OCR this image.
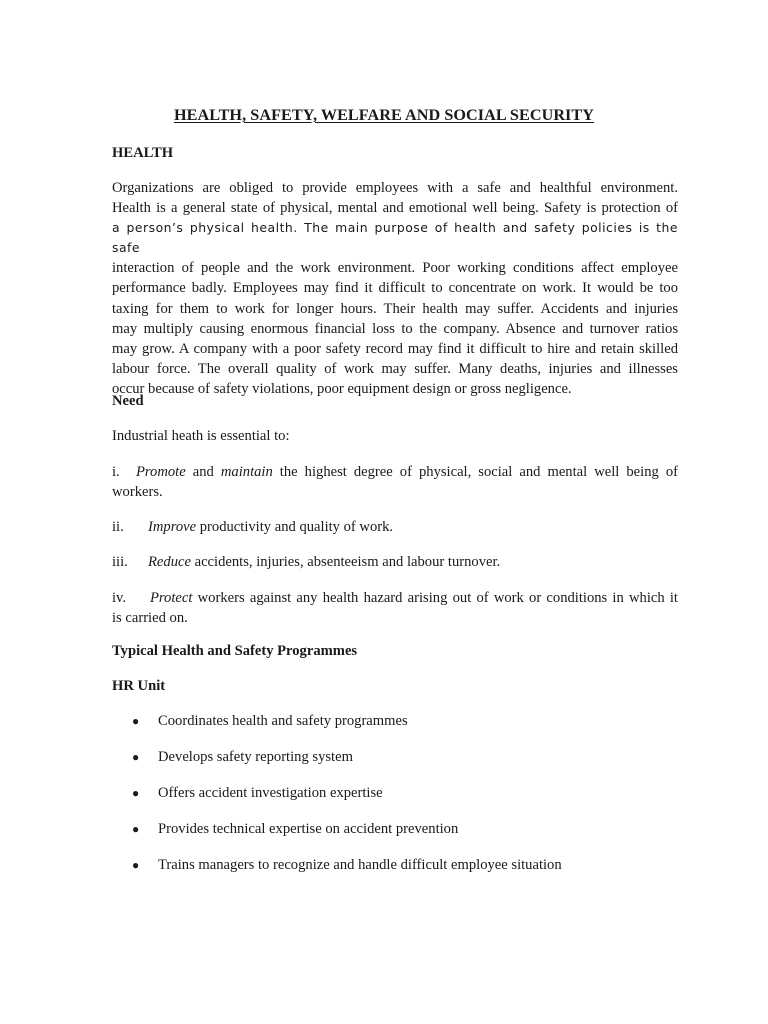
HEALTH, SAFETY, WELFARE AND SOCIAL SECURITY
HEALTH
Organizations are obliged to provide employees with a safe and healthful environment.
Health is a general state of physical, mental and emotional well being. Safety is protection of
a person’s physical health. The main purpose of health and safety policies is the safe
interaction of people and the work environment. Poor working conditions affect employee
performance badly. Employees may find it difficult to concentrate on work. It would be too
taxing for them to work for longer hours. Their health may suffer. Accidents and injuries
may multiply causing enormous financial loss to the company. Absence and turnover ratios
may grow. A company with a poor safety record may find it difficult to hire and retain skilled
labour force. The overall quality of work may suffer. Many deaths, injuries and illnesses
occur because of safety violations, poor equipment design or gross negligence.
Need
Industrial heath is essential to:
i. Promote and maintain the highest degree of physical, social and mental well being of
workers.
ii. Improve productivity and quality of work.
iii. Reduce accidents, injuries, absenteeism and labour turnover.
iv. Protect workers against any health hazard arising out of work or conditions in which it
is carried on.
Typical Health and Safety Programmes
HR Unit
●	Coordinates health and safety programmes
●	Develops safety reporting system
●	Offers accident investigation expertise
●	Provides technical expertise on accident prevention
●	Trains managers to recognize and handle difficult employee situation
